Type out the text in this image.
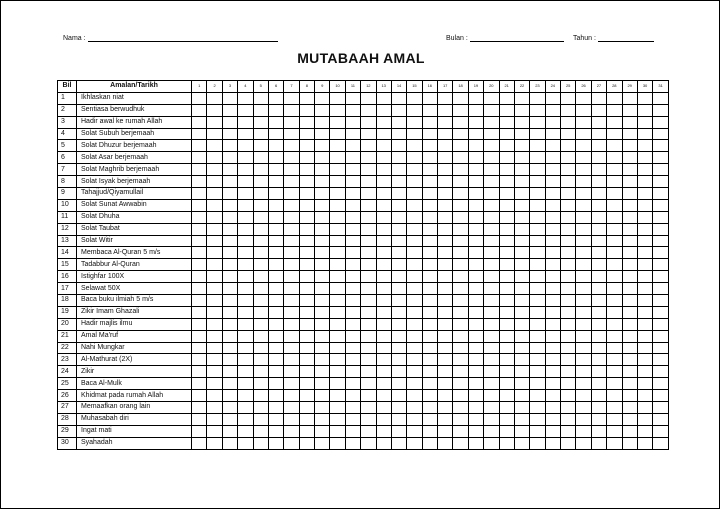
Nama :	Bulan :	Tahun :
MUTABAAH AMAL
Bil	Amalan/Tarikh	1	2	3	4	5	6	7	8	9	10	11	12	13	14	15	16	17	18	19	20	21	22	23	24	25	26	27	28	29	30	31
1	Ikhlaskan niat																															
2	Sentiasa berwudhuk																															
3	Hadir awal ke rumah Allah																															
4	Solat Subuh berjemaah																															
5	Solat Dhuzur berjemaah																															
6	Solat Asar berjemaah																															
7	Solat Maghrib berjemaah																															
8	Solat Isyak berjemaah																															
9	Tahajjud/Qiyamullail																															
10	Solat Sunat Awwabin																															
11	Solat Dhuha																															
12	Solat Taubat																															
13	Solat Witir																															
14	Membaca Al-Quran 5 m/s																															
15	Tadabbur Al-Quran																															
16	Istighfar 100X																															
17	Selawat 50X																															
18	Baca buku ilmiah 5 m/s																															
19	Zikir Imam Ghazali																															
20	Hadir majlis ilmu																															
21	Amal Ma'ruf																															
22	Nahi Mungkar																															
23	Al-Mathurat (2X)																															
24	Zikir																															
25	Baca Al-Mulk																															
26	Khidmat pada rumah Allah																															
27	Memaafkan orang lain																															
28	Muhasabah diri																															
29	Ingat mati																															
30	Syahadah																															
